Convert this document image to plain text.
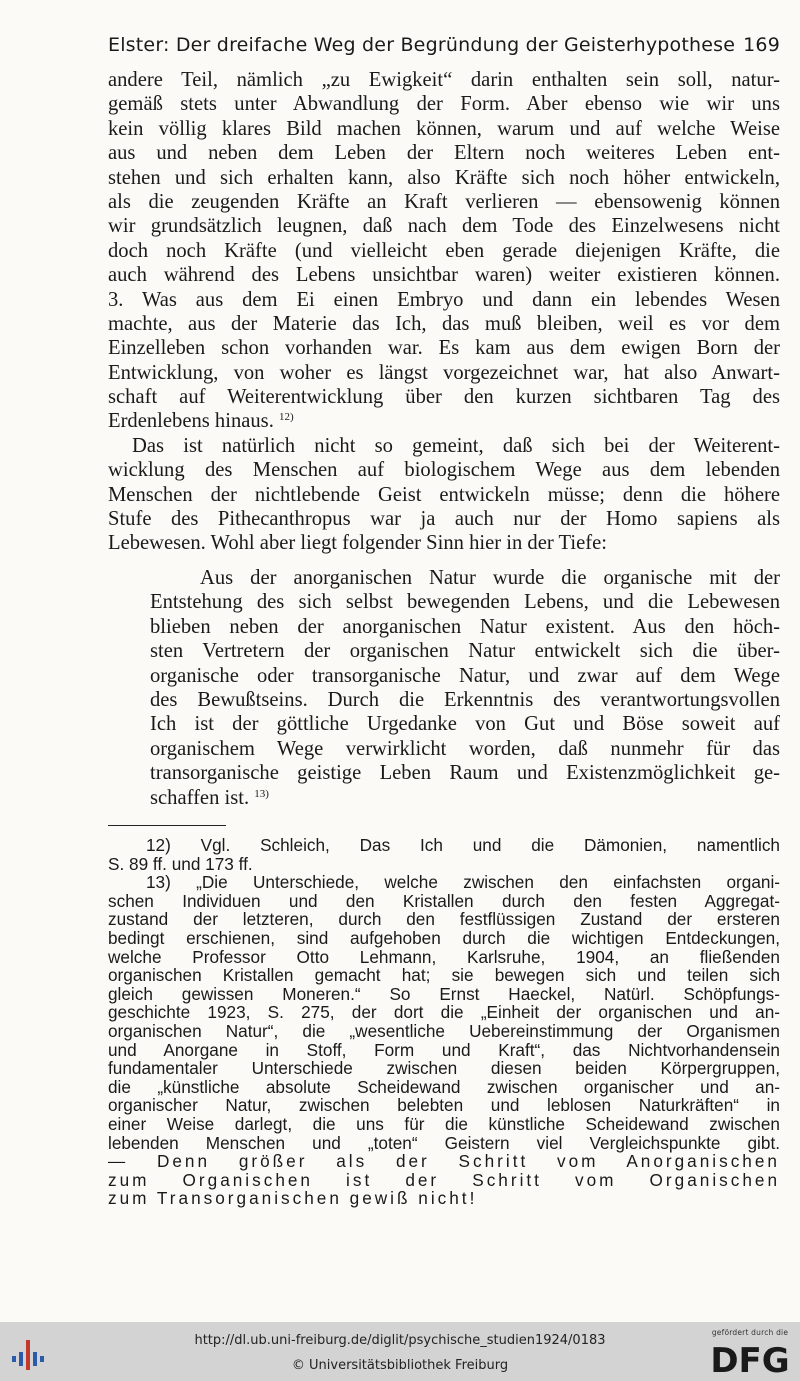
Elster: Der dreifache Weg der Begründung der Geisterhypothese 169
andere Teil, nämlich „zu Ewigkeit“ darin enthalten sein soll, natur-
gemäß stets unter Abwandlung der Form. Aber ebenso wie wir uns
kein völlig klares Bild machen können, warum und auf welche Weise
aus und neben dem Leben der Eltern noch weiteres Leben ent-
stehen und sich erhalten kann, also Kräfte sich noch höher entwickeln,
als die zeugenden Kräfte an Kraft verlieren — ebensowenig können
wir grundsätzlich leugnen, daß nach dem Tode des Einzelwesens nicht
doch noch Kräfte (und vielleicht eben gerade diejenigen Kräfte, die
auch während des Lebens unsichtbar waren) weiter existieren können.
3. Was aus dem Ei einen Embryo und dann ein lebendes Wesen
machte, aus der Materie das Ich, das muß bleiben, weil es vor dem
Einzelleben schon vorhanden war. Es kam aus dem ewigen Born der
Entwicklung, von woher es längst vorgezeichnet war, hat also Anwart-
schaft auf Weiterentwicklung über den kurzen sichtbaren Tag des
Erdenlebens hinaus. $^{12)}$
Das ist natürlich nicht so gemeint, daß sich bei der Weiterent-
wicklung des Menschen auf biologischem Wege aus dem lebenden
Menschen der nichtlebende Geist entwickeln müsse; denn die höhere
Stufe des Pithecanthropus war ja auch nur der Homo sapiens als
Lebewesen. Wohl aber liegt folgender Sinn hier in der Tiefe:
Aus der anorganischen Natur wurde die organische mit der
Entstehung des sich selbst bewegenden Lebens, und die Lebewesen
blieben neben der anorganischen Natur existent. Aus den höch-
sten Vertretern der organischen Natur entwickelt sich die über-
organische oder transorganische Natur, und zwar auf dem Wege
des Bewußtseins. Durch die Erkenntnis des verantwortungsvollen
Ich ist der göttliche Urgedanke von Gut und Böse soweit auf
organischem Wege verwirklicht worden, daß nunmehr für das
transorganische geistige Leben Raum und Existenzmöglichkeit ge-
schaffen ist. $^{13)}$
12) Vgl. Schleich, Das Ich und die Dämonien, namentlich
S. 89 ff. und 173 ff.
13) „Die Unterschiede, welche zwischen den einfachsten organi-
schen Individuen und den Kristallen durch den festen Aggregat-
zustand der letzteren, durch den festflüssigen Zustand der ersteren
bedingt erschienen, sind aufgehoben durch die wichtigen Entdeckungen,
welche Professor Otto Lehmann, Karlsruhe, 1904, an fließenden
organischen Kristallen gemacht hat; sie bewegen sich und teilen sich
gleich gewissen Moneren.“ So Ernst Haeckel, Natürl. Schöpfungs-
geschichte 1923, S. 275, der dort die „Einheit der organischen und an-
organischen Natur“, die „wesentliche Uebereinstimmung der Organismen
und Anorgane in Stoff, Form und Kraft“, das Nichtvorhandensein
fundamentaler Unterschiede zwischen diesen beiden Körpergruppen,
die „künstliche absolute Scheidewand zwischen organischer und an-
organischer Natur, zwischen belebten und leblosen Naturkräften“ in
einer Weise darlegt, die uns für die künstliche Scheidewand zwischen
lebenden Menschen und „toten“ Geistern viel Vergleichspunkte gibt.
— Denn größer als der Schritt vom Anorganischen
zum Organischen ist der Schritt vom Organischen
zum Transorganischen gewiß nicht!
http://dl.ub.uni-freiburg.de/diglit/psychische_studien1924/0183
© Universitätsbibliothek Freiburg
gefördert durch die
DFG
